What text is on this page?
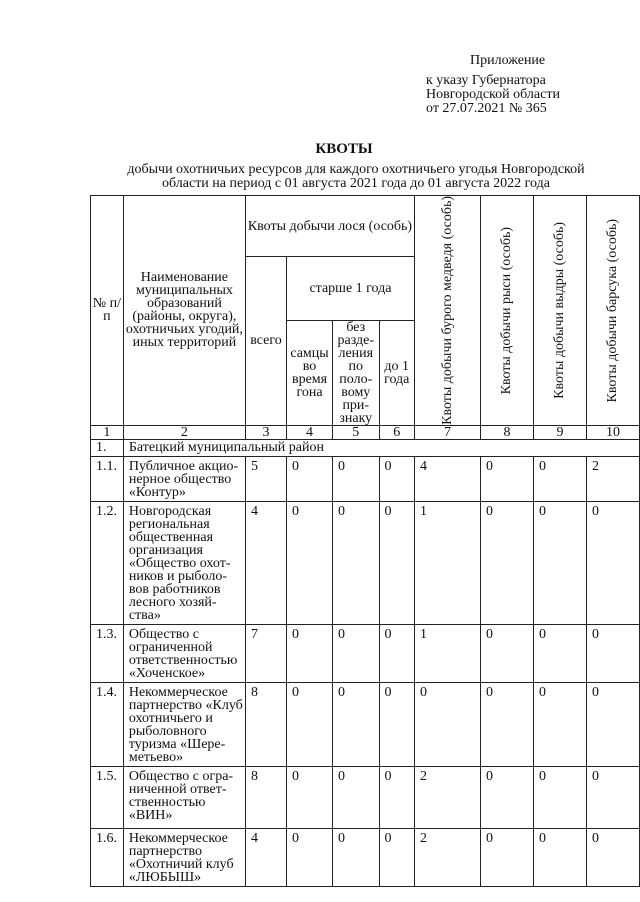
Приложение
к указу Губернатора
Новгородской области
от 27.07.2021 № 365
КВОТЫ
добычи охотничьих ресурсов для каждого охотничьего угодья Новгородской области на период с 01 августа 2021 года до 01 августа 2022 года
№ п/п	Наименование муниципальных образований (районы, округа), охотничьих угодий, иных территорий	Квоты добычи лося (особь)				Квоты добычи бурого медведя (особь)	Квоты добычи рыси (особь)	Квоты добычи выдры (особь)	Квоты добычи барсука (особь)

		всего	старше 1 года						
			самцы во время гона	без разде-ления по поло-вому при-знаку	до 1 года				
1	2	3	4	5	6	7	8	9	10
1.	Батецкий муниципальный район								

1.1.	Публичное акцио-нерное общество «Контур»	5	0	0	0	4	0	0	2

1.2.	Новгородская региональная общественная организация «Общество охот-ников и рыболо-вов работников лесного хозяй-ства»	4	0	0	0	1	0	0	0

1.3.	Общество с ограниченной ответственностью «Хоченское»	7	0	0	0	1	0	0	0

1.4.	Некоммерческое партнерство «Клуб охотничьего и рыболовного туризма «Шере-метьево»	8	0	0	0	0	0	0	0

1.5.	Общество с огра-ниченной ответ-ственностью «ВИН»	8	0	0	0	2	0	0	0

1.6.	Некоммерческое партнерство «Охотничий клуб «ЛЮБЫШ»	4	0	0	0	2	0	0	0
